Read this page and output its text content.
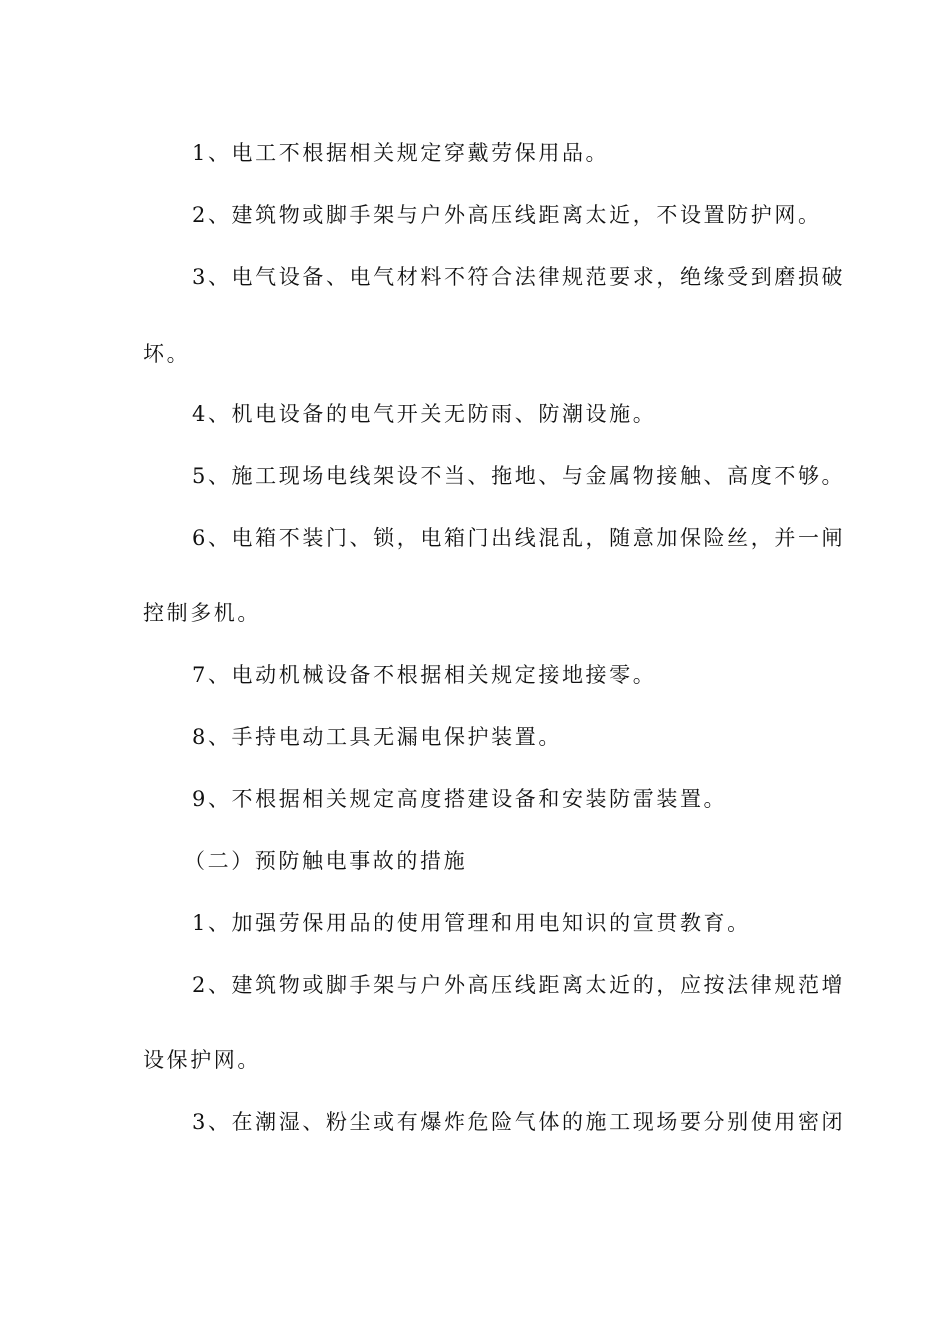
1、电工不根据相关规定穿戴劳保用品。
2、建筑物或脚手架与户外高压线距离太近，不设置防护网。
3、电气设备、电气材料不符合法律规范要求，绝缘受到磨损破
坏。
4、机电设备的电气开关无防雨、防潮设施。
5、施工现场电线架设不当、拖地、与金属物接触、高度不够。
6、电箱不装门、锁，电箱门出线混乱，随意加保险丝，并一闸
控制多机。
7、电动机械设备不根据相关规定接地接零。
8、手持电动工具无漏电保护装置。
9、不根据相关规定高度搭建设备和安装防雷装置。
（二）预防触电事故的措施
1、加强劳保用品的使用管理和用电知识的宣贯教育。
2、建筑物或脚手架与户外高压线距离太近的，应按法律规范增
设保护网。
3、在潮湿、粉尘或有爆炸危险气体的施工现场要分别使用密闭
